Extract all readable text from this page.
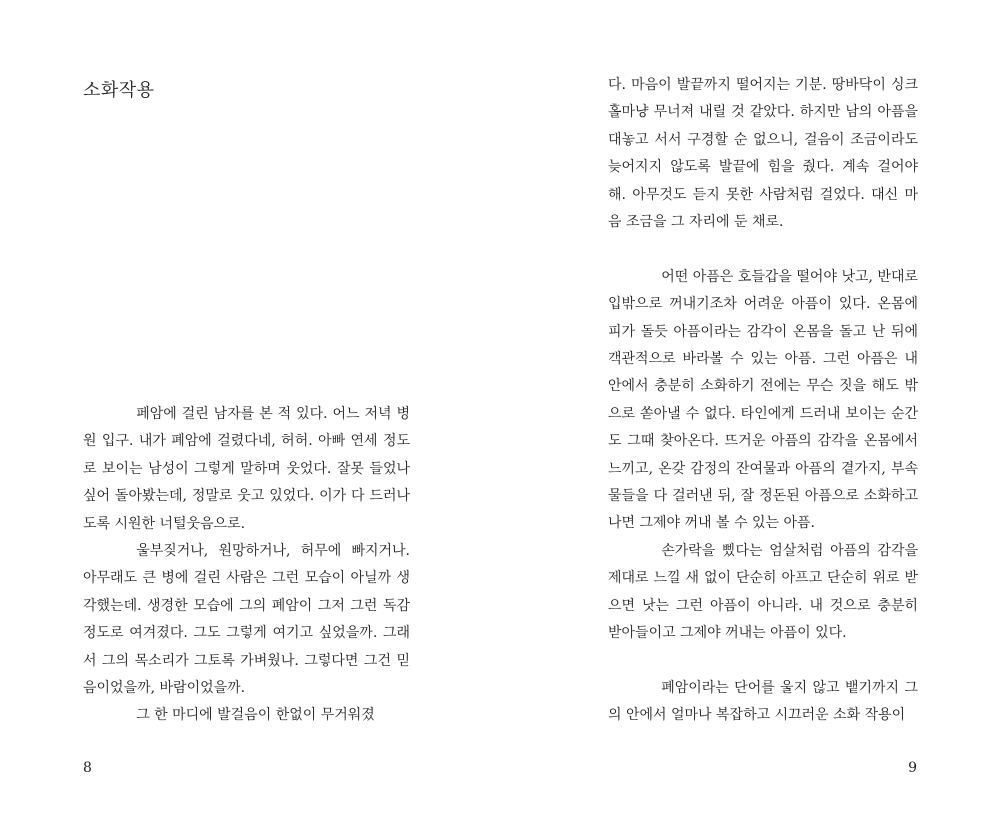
소화작용

페암에 걸린 남자를 본 적 있다. 어느 저녁 병원 입구. 내가 폐암에 걸렸다네, 허허. 아빠 연세 정도로 보이는 남성이 그렇게 말하며 웃었다. 잘못 들었나 싶어 돌아봤는데, 정말로 웃고 있었다. 이가 다 드러나도록 시원한 너털웃음으로.

울부짖거나, 원망하거나, 허무에 빠지거나. 아무래도 큰 병에 걸린 사람은 그런 모습이 아닐까 생각했는데. 생경한 모습에 그의 폐암이 그저 그런 독감 정도로 여겨졌다. 그도 그렇게 여기고 싶었을까. 그래서 그의 목소리가 그토록 가벼웠나. 그렇다면 그건 믿음이었을까, 바람이었을까.

그 한 마디에 발걸음이 한없이 무거워졌

8

다. 마음이 발끝까지 떨어지는 기분. 땅바닥이 싱크홀마냥 무너져 내릴 것 같았다. 하지만 남의 아픔을 대놓고 서서 구경할 순 없으니, 걸음이 조금이라도 늦어지지 않도록 발끝에 힘을 줬다. 계속 걸어야 해. 아무것도 듣지 못한 사람처럼 걸었다. 대신 마음 조금을 그 자리에 둔 채로.

어떤 아픔은 호들갑을 떨어야 낫고, 반대로 입밖으로 꺼내기조차 어려운 아픔이 있다. 온몸에 피가 돌듯 아픔이라는 감각이 온몸을 돌고 난 뒤에 객관적으로 바라볼 수 있는 아픔. 그런 아픔은 내 안에서 충분히 소화하기 전에는 무슨 짓을 해도 밖으로 쏟아낼 수 없다. 타인에게 드러내 보이는 순간도 그때 찾아온다. 뜨거운 아픔의 감각을 온몸에서 느끼고, 온갖 감정의 잔여물과 아픔의 곁가지, 부속물들을 다 걸러낸 뒤, 잘 정돈된 아픔으로 소화하고 나면 그제야 꺼내 볼 수 있는 아픔.

손가락을 삤다는 엄살처럼 아픔의 감각을 제대로 느낄 새 없이 단순히 아프고 단순히 위로 받으면 낫는 그런 아픔이 아니라. 내 것으로 충분히 받아들이고 그제야 꺼내는 아픔이 있다.

폐암이라는 단어를 울지 않고 뱉기까지 그의 안에서 얼마나 복잡하고 시끄러운 소화 작용이

9
